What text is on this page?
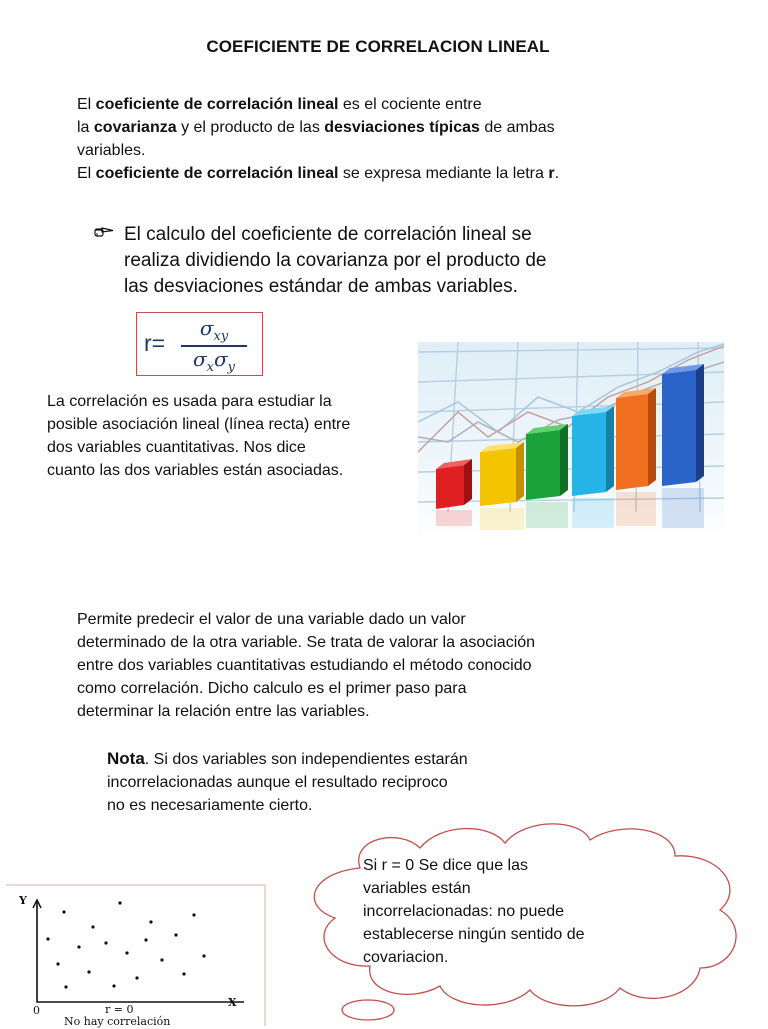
COEFICIENTE DE CORRELACION LINEAL
El coeficiente de correlación lineal es el cociente entre
la covarianza y el producto de las desviaciones típicas de ambas
variables.
El coeficiente de correlación lineal se expresa mediante la letra r.
El calculo del coeficiente de correlación lineal se
realiza dividiendo la covarianza por el producto de
las desviaciones estándar de ambas variables.
r=
$\sigma_{xy}$
$\sigma_x\sigma_y$
La correlación es usada para estudiar la
posible asociación lineal (línea recta) entre
dos variables cuantitativas. Nos dice
cuanto las dos variables están asociadas.
Permite predecir el valor de una variable dado un valor
determinado de la otra variable. Se trata de valorar la asociación
entre dos variables cuantitativas estudiando el método conocido
como correlación. Dicho calculo es el primer paso para
determinar la relación entre las variables.
Nota. Si dos variables son independientes estarán
incorrelacionadas aunque el resultado reciproco
no es necesariamente cierto.
Si r = 0 Se dice que las
variables están
incorrelacionadas: no puede
establecerse ningún sentido de
covariacion.
Y
X
0	r = 0
No hay correlación
